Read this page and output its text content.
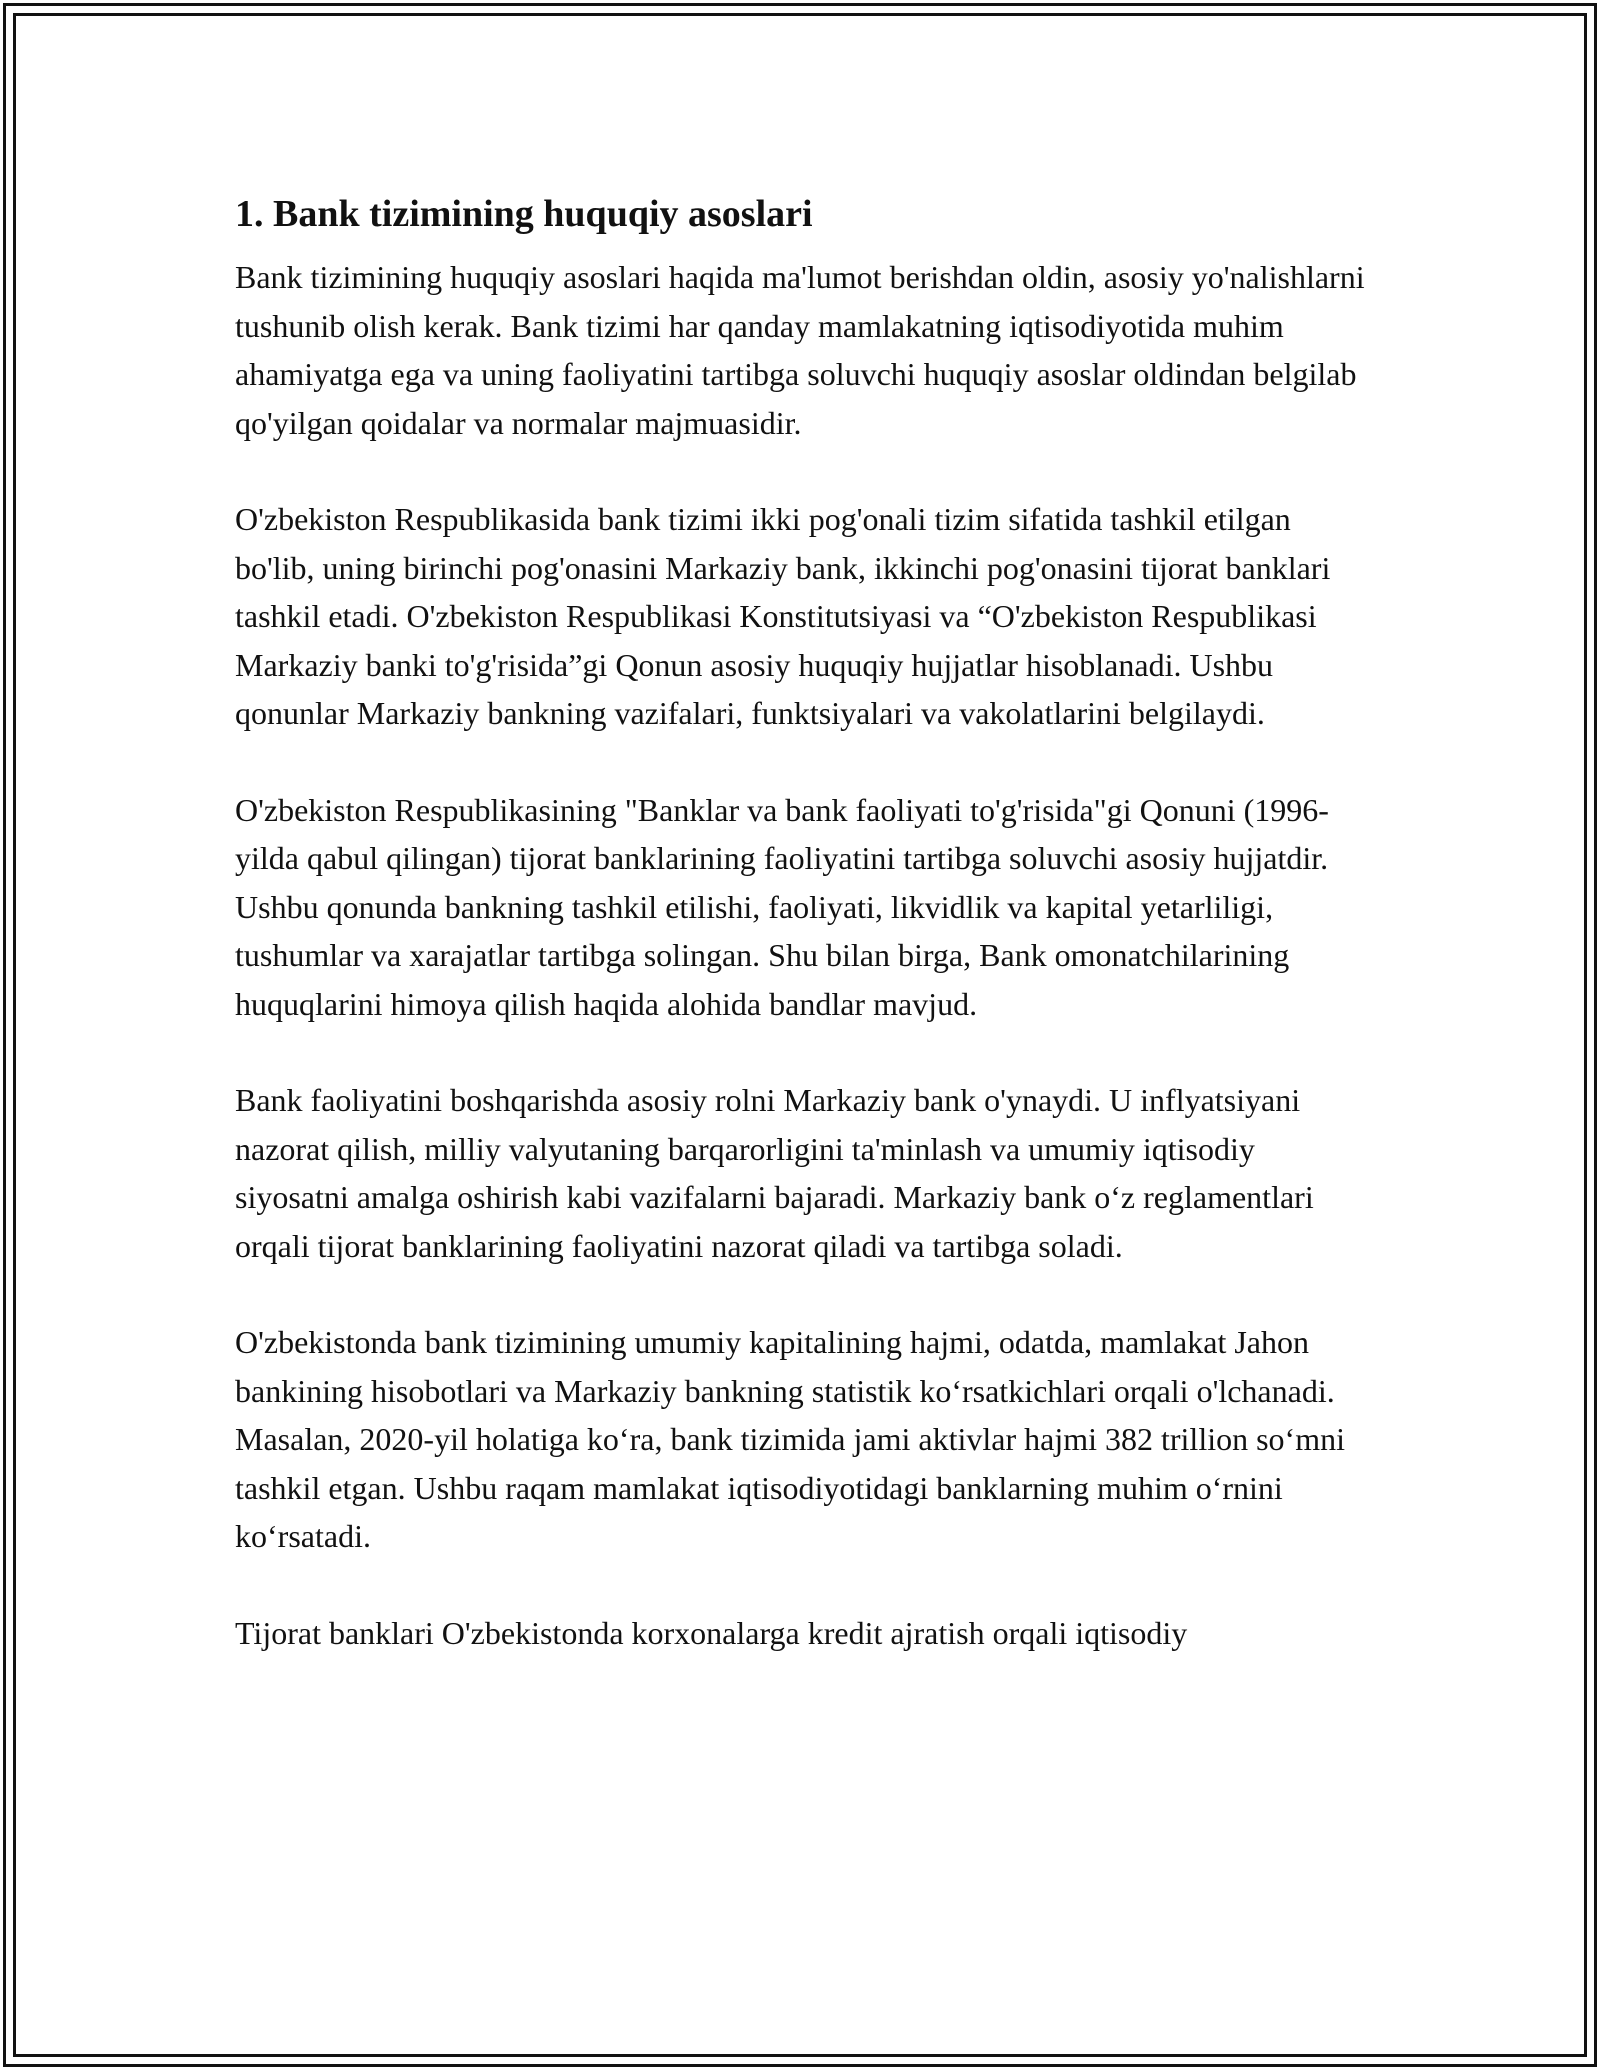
1. Bank tizimining huquqiy asoslari

Bank tizimining huquqiy asoslari haqida ma'lumot berishdan oldin, asosiy yo'nalishlarni tushunib olish kerak. Bank tizimi har qanday mamlakatning iqtisodiyotida muhim ahamiyatga ega va uning faoliyatini tartibga soluvchi huquqiy asoslar oldindan belgilab qo'yilgan qoidalar va normalar majmuasidir.

O'zbekiston Respublikasida bank tizimi ikki pog'onali tizim sifatida tashkil etilgan bo'lib, uning birinchi pog'onasini Markaziy bank, ikkinchi pog'onasini tijorat banklari tashkil etadi. O'zbekiston Respublikasi Konstitutsiyasi va “O'zbekiston Respublikasi Markaziy banki to'g'risida”gi Qonun asosiy huquqiy hujjatlar hisoblanadi. Ushbu qonunlar Markaziy bankning vazifalari, funktsiyalari va vakolatlarini belgilaydi.

O'zbekiston Respublikasining "Banklar va bank faoliyati to'g'risida"gi Qonuni (1996-yilda qabul qilingan) tijorat banklarining faoliyatini tartibga soluvchi asosiy hujjatdir. Ushbu qonunda bankning tashkil etilishi, faoliyati, likvidlik va kapital yetarliligi, tushumlar va xarajatlar tartibga solingan. Shu bilan birga, Bank omonatchilarining huquqlarini himoya qilish haqida alohida bandlar mavjud.

Bank faoliyatini boshqarishda asosiy rolni Markaziy bank o'ynaydi. U inflyatsiyani nazorat qilish, milliy valyutaning barqarorligini ta'minlash va umumiy iqtisodiy siyosatni amalga oshirish kabi vazifalarni bajaradi. Markaziy bank o‘z reglamentlari orqali tijorat banklarining faoliyatini nazorat qiladi va tartibga soladi.

O'zbekistonda bank tizimining umumiy kapitalining hajmi, odatda, mamlakat Jahon bankining hisobotlari va Markaziy bankning statistik ko‘rsatkichlari orqali o'lchanadi. Masalan, 2020-yil holatiga ko‘ra, bank tizimida jami aktivlar hajmi 382 trillion so‘mni tashkil etgan. Ushbu raqam mamlakat iqtisodiyotidagi banklarning muhim o‘rnini ko‘rsatadi.

Tijorat banklari O'zbekistonda korxonalarga kredit ajratish orqali iqtisodiy
